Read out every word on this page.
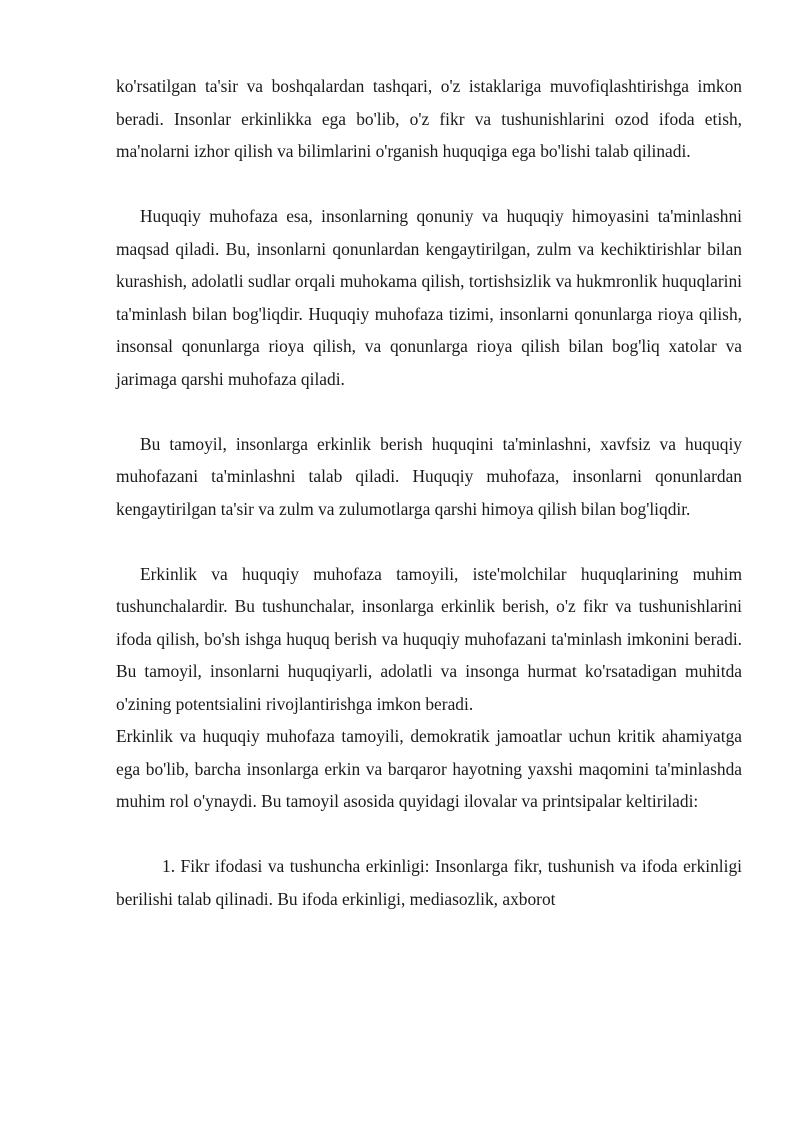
ko'rsatilgan ta'sir va boshqalardan tashqari, o'z istaklariga muvofiqlashtirishga imkon beradi. Insonlar erkinlikka ega bo'lib, o'z fikr va tushunishlarini ozod ifoda etish, ma'nolarni izhor qilish va bilimlarini o'rganish huquqiga ega bo'lishi talab qilinadi.

Huquqiy muhofaza esa, insonlarning qonuniy va huquqiy himoyasini ta'minlashni maqsad qiladi. Bu, insonlarni qonunlardan kengaytirilgan, zulm va kechiktirishlar bilan kurashish, adolatli sudlar orqali muhokama qilish, tortishsizlik va hukmronlik huquqlarini ta'minlash bilan bog'liqdir. Huquqiy muhofaza tizimi, insonlarni qonunlarga rioya qilish, insonsal qonunlarga rioya qilish, va qonunlarga rioya qilish bilan bog'liq xatolar va jarimaga qarshi muhofaza qiladi.

Bu tamoyil, insonlarga erkinlik berish huquqini ta'minlashni, xavfsiz va huquqiy muhofazani ta'minlashni talab qiladi. Huquqiy muhofaza, insonlarni qonunlardan kengaytirilgan ta'sir va zulm va zulumotlarga qarshi himoya qilish bilan bog'liqdir.

Erkinlik va huquqiy muhofaza tamoyili, iste'molchilar huquqlarining muhim tushunchalardir. Bu tushunchalar, insonlarga erkinlik berish, o'z fikr va tushunishlarini ifoda qilish, bo'sh ishga huquq berish va huquqiy muhofazani ta'minlash imkonini beradi. Bu tamoyil, insonlarni huquqiyarli, adolatli va insonga hurmat ko'rsatadigan muhitda o'zining potentsialini rivojlantirishga imkon beradi.

Erkinlik va huquqiy muhofaza tamoyili, demokratik jamoatlar uchun kritik ahamiyatga ega bo'lib, barcha insonlarga erkin va barqaror hayotning yaxshi maqomini ta'minlashda muhim rol o'ynaydi. Bu tamoyil asosida quyidagi ilovalar va printsipalar keltiriladi:

1. Fikr ifodasi va tushuncha erkinligi: Insonlarga fikr, tushunish va ifoda erkinligi berilishi talab qilinadi. Bu ifoda erkinligi, mediasozlik, axborot
